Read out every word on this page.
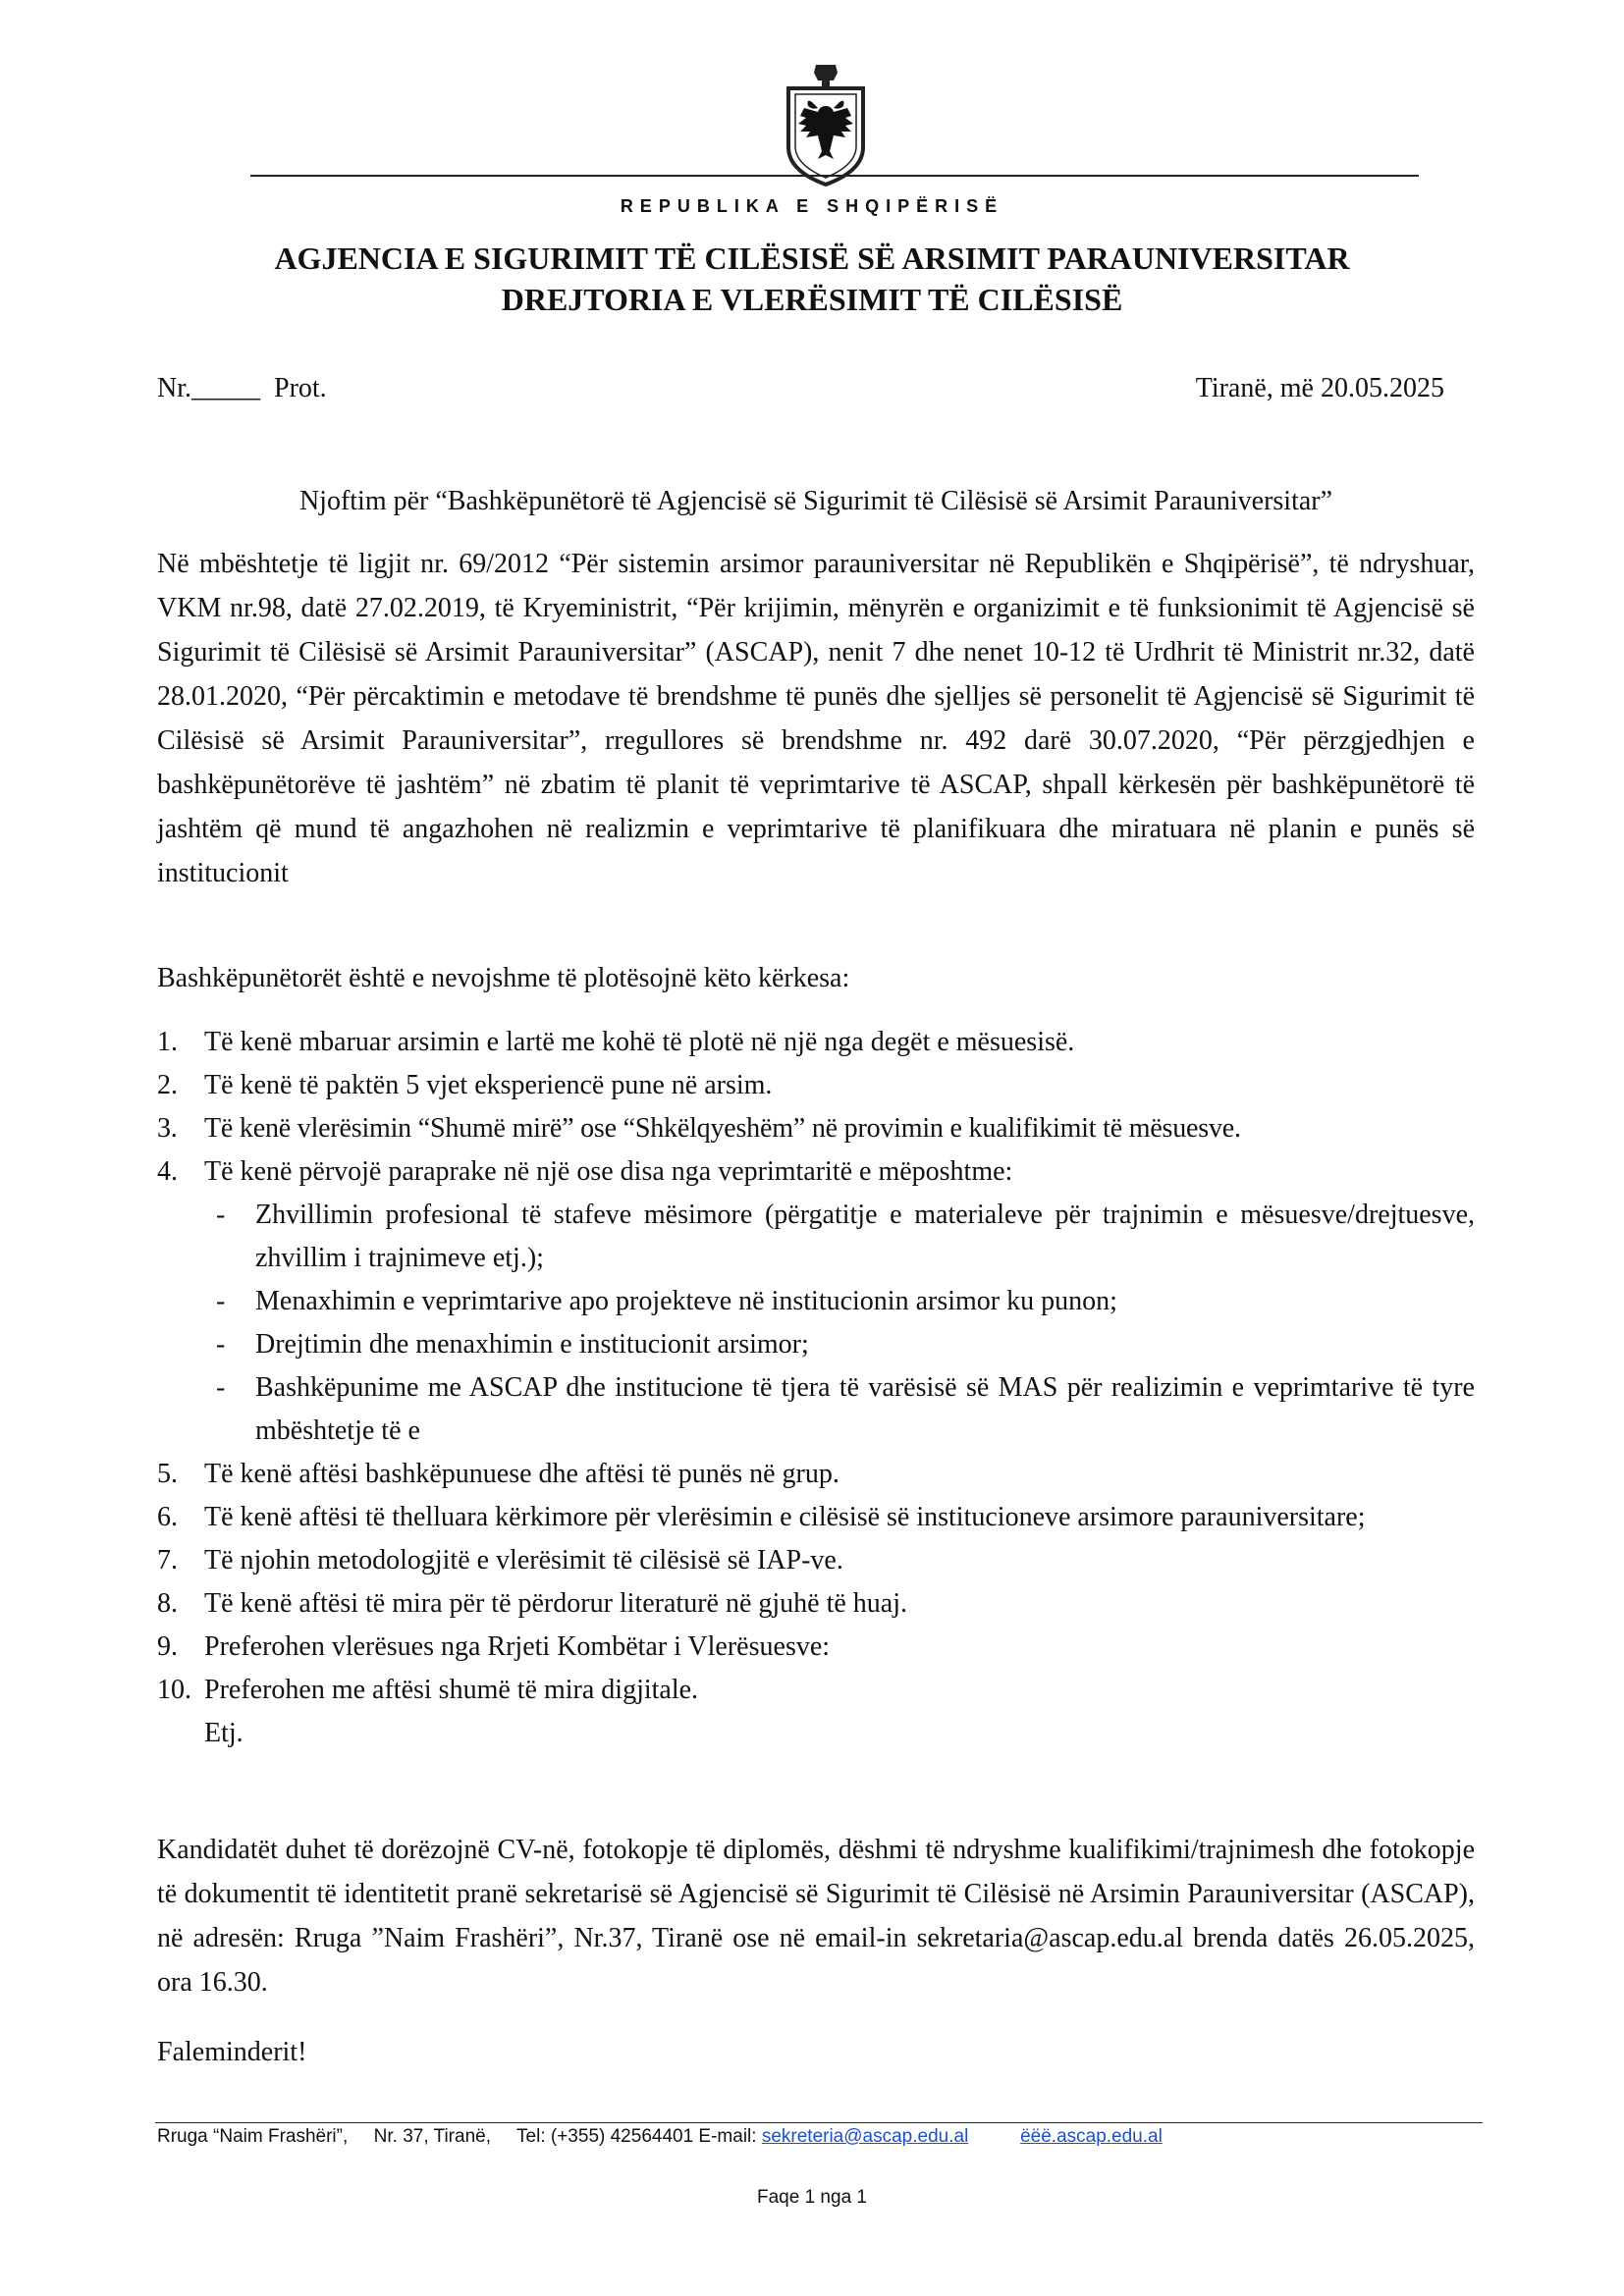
REPUBLIKA E SHQIPËRISË
AGJENCIA E SIGURIMIT TË CILËSISË SË ARSIMIT PARAUNIVERSITAR
DREJTORIA E VLERËSIMIT TË CILËSISË
Nr._____  Prot.	Tiranë, më 20.05.2025
Njoftim për “Bashkëpunëtorë të Agjencisë së Sigurimit të Cilësisë së Arsimit Parauniversitar”
Në mbështetje të ligjit nr. 69/2012 “Për sistemin arsimor parauniversitar në Republikën e Shqipërisë”, të ndryshuar, VKM nr.98, datë 27.02.2019, të Kryeministrit, “Për krijimin, mënyrën e organizimit e të funksionimit të Agjencisë së Sigurimit të Cilësisë së Arsimit Parauniversitar” (ASCAP), nenit 7 dhe nenet 10-12 të Urdhrit të Ministrit nr.32, datë 28.01.2020, “Për përcaktimin e metodave të brendshme të punës dhe sjelljes së personelit të Agjencisë së Sigurimit të Cilësisë së Arsimit Parauniversitar”, rregullores së brendshme nr. 492 darë 30.07.2020, “Për përzgjedhjen e bashkëpunëtorëve të jashtëm” në zbatim të planit të veprimtarive të ASCAP, shpall kërkesën për bashkëpunëtorë të jashtëm që mund të angazhohen në realizmin e veprimtarive të planifikuara dhe miratuara në planin e punës së institucionit
Bashkëpunëtorët është e nevojshme të plotësojnë këto kërkesa:
1. Të kenë mbaruar arsimin e lartë me kohë të plotë në një nga degët e mësuesisë.
2. Të kenë të paktën 5 vjet eksperiencë pune në arsim.
3. Të kenë vlerësimin “Shumë mirë” ose “Shkëlqyeshëm” në provimin e kualifikimit të mësuesve.
4. Të kenë përvojë paraprake në një ose disa nga veprimtaritë e mëposhtme:
- Zhvillimin profesional të stafeve mësimore (përgatitje e materialeve për trajnimin e mësuesve/drejtuesve, zhvillim i trajnimeve etj.);
- Menaxhimin e veprimtarive apo projekteve në institucionin arsimor ku punon;
- Drejtimin dhe menaxhimin e institucionit arsimor;
- Bashkëpunime me ASCAP dhe institucione të tjera të varësisë së MAS për realizimin e veprimtarive të tyre mbështetje të e
5. Të kenë aftësi bashkëpunuese dhe aftësi të punës në grup.
6. Të kenë aftësi të thelluara kërkimore për vlerësimin e cilësisë së institucioneve arsimore parauniversitare;
7. Të njohin metodologjitë e vlerësimit të cilësisë së IAP-ve.
8. Të kenë aftësi të mira për të përdorur literaturë në gjuhë të huaj.
9. Preferohen vlerësues nga Rrjeti Kombëtar i Vlerësuesve:
10. Preferohen me aftësi shumë të mira digjitale.
Etj.
Kandidatët duhet të dorëzojnë CV-në, fotokopje të diplomës, dëshmi të ndryshme kualifikimi/trajnimesh dhe fotokopje të dokumentit të identitetit pranë sekretarisë së Agjencisë së Sigurimit të Cilësisë në Arsimin Parauniversitar (ASCAP), në adresën: Rruga ”Naim Frashëri”, Nr.37, Tiranë ose në email-in sekretaria@ascap.edu.al brenda datës 26.05.2025, ora 16.30.
Faleminderit!
Rruga “Naim Frashëri”,     Nr. 37, Tiranë,     Tel: (+355) 42564401 E-mail: sekreteria@ascap.edu.al	ëëë.ascap.edu.al
Faqe 1 nga 1
